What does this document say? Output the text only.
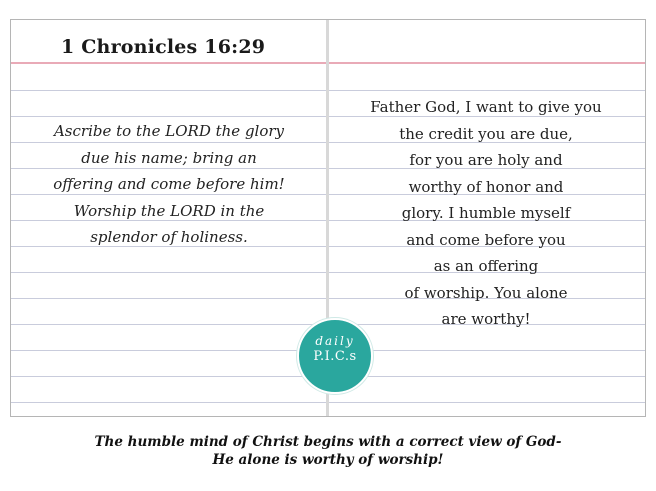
1 Chronicles 16:29
Ascribe to the LORD the glory
due his name; bring an
offering and come before him!
Worship the LORD in the
splendor of holiness.
Father God, I want to give you
the credit you are due,
for you are holy and
worthy of honor and
glory. I humble myself
and come before you
as an offering
of worship. You alone
are worthy!
daily
P.I.C.s
The humble mind of Christ begins with a correct view of God-
He alone is worthy of worship!
